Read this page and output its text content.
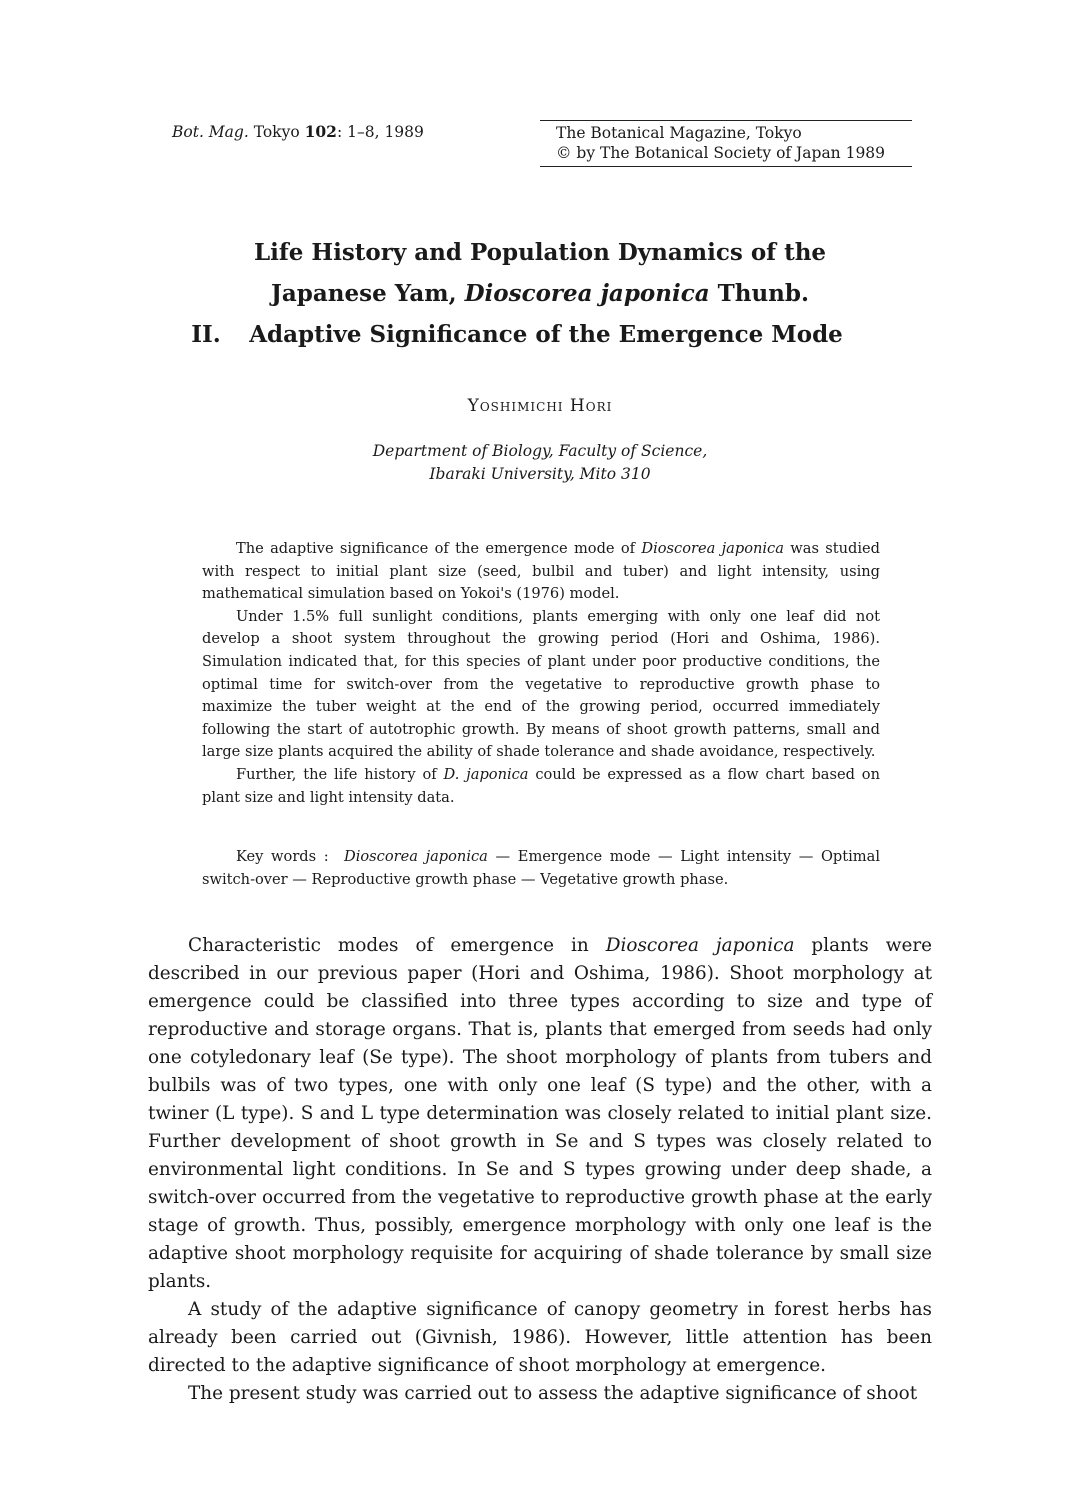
Bot. Mag. Tokyo 102: 1–8, 1989	The Botanical Magazine, Tokyo
© by The Botanical Society of Japan 1989
Life History and Population Dynamics of the
Japanese Yam, Dioscorea japonica Thunb.
II. Adaptive Significance of the Emergence Mode
Yoshimichi Hori
Department of Biology, Faculty of Science,
Ibaraki University, Mito 310

The adaptive significance of the emergence mode of Dioscorea japonica was studied with respect to initial plant size (seed, bulbil and tuber) and light intensity, using mathematical simulation based on Yokoi's (1976) model.

Under 1.5% full sunlight conditions, plants emerging with only one leaf did not develop a shoot system throughout the growing period (Hori and Oshima, 1986). Simulation indicated that, for this species of plant under poor productive conditions, the optimal time for switch-over from the vegetative to reproductive growth phase to maximize the tuber weight at the end of the growing period, occurred immediately following the start of autotrophic growth. By means of shoot growth patterns, small and large size plants acquired the ability of shade tolerance and shade avoidance, respectively.

Further, the life history of D. japonica could be expressed as a flow chart based on plant size and light intensity data.

Key words : Dioscorea japonica — Emergence mode — Light intensity — Optimal switch-over — Reproductive growth phase — Vegetative growth phase.

Characteristic modes of emergence in Dioscorea japonica plants were described in our previous paper (Hori and Oshima, 1986). Shoot morphology at emergence could be classified into three types according to size and type of reproductive and storage organs. That is, plants that emerged from seeds had only one cotyledonary leaf (Se type). The shoot morphology of plants from tubers and bulbils was of two types, one with only one leaf (S type) and the other, with a twiner (L type). S and L type determination was closely related to initial plant size. Further development of shoot growth in Se and S types was closely related to environmental light conditions. In Se and S types growing under deep shade, a switch-over occurred from the vegetative to reproductive growth phase at the early stage of growth. Thus, possibly, emergence morphology with only one leaf is the adaptive shoot morphology requisite for acquiring of shade tolerance by small size plants.

A study of the adaptive significance of canopy geometry in forest herbs has already been carried out (Givnish, 1986). However, little attention has been directed to the adaptive significance of shoot morphology at emergence.

The present study was carried out to assess the adaptive significance of shoot
